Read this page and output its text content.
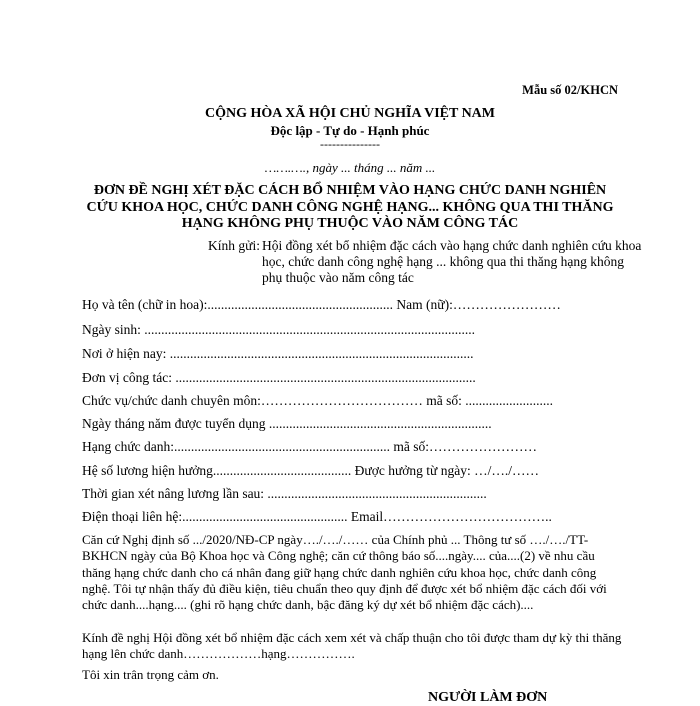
Mẫu số 02/KHCN
CỘNG HÒA XÃ HỘI CHỦ NGHĨA VIỆT NAM
Độc lập - Tự do - Hạnh phúc
---------------
…….…., ngày ... tháng ... năm ...
ĐƠN ĐỀ NGHỊ XÉT ĐẶC CÁCH BỔ NHIỆM VÀO HẠNG CHỨC DANH NGHIÊN CỨU KHOA HỌC, CHỨC DANH CÔNG NGHỆ HẠNG... KHÔNG QUA THI THĂNG HẠNG KHÔNG PHỤ THUỘC VÀO NĂM CÔNG TÁC
Kính gửi: Hội đồng xét bổ nhiệm đặc cách vào hạng chức danh nghiên cứu khoa học, chức danh công nghệ hạng ... không qua thi thăng hạng không phụ thuộc vào năm công tác
Họ và tên (chữ in hoa):....................................................... Nam (nữ):……………………
Ngày sinh: ..................................................................................................
Nơi ở hiện nay: ..........................................................................................
Đơn vị công tác: .........................................................................................
Chức vụ/chức danh chuyên môn:……………………………… mã số: ..........................
Ngày tháng năm được tuyển dụng ..................................................................
Hạng chức danh:................................................................ mã số:……………………
Hệ số lương hiện hưởng......................................... Được hưởng từ ngày: …/…./……
Thời gian xét nâng lương lần sau: .................................................................
Điện thoại liên hệ:................................................. Email………………………………..
Căn cứ Nghị định số .../2020/NĐ-CP ngày…./…./…… của Chính phủ ... Thông tư số …./…./TT-BKHCN ngày của Bộ Khoa học và Công nghệ; căn cứ thông báo số....ngày.... của....(2) về nhu cầu thăng hạng chức danh cho cá nhân đang giữ hạng chức danh nghiên cứu khoa học, chức danh công nghệ. Tôi tự nhận thấy đủ điều kiện, tiêu chuẩn theo quy định để được xét bổ nhiệm đặc cách đối với chức danh....hạng.... (ghi rõ hạng chức danh, bậc đăng ký dự xét bổ nhiệm đặc cách)....
Kính đề nghị Hội đồng xét bổ nhiệm đặc cách xem xét và chấp thuận cho tôi được tham dự kỳ thi thăng hạng lên chức danh………………hạng…………….
Tôi xin trân trọng cảm ơn.
NGƯỜI LÀM ĐƠN
